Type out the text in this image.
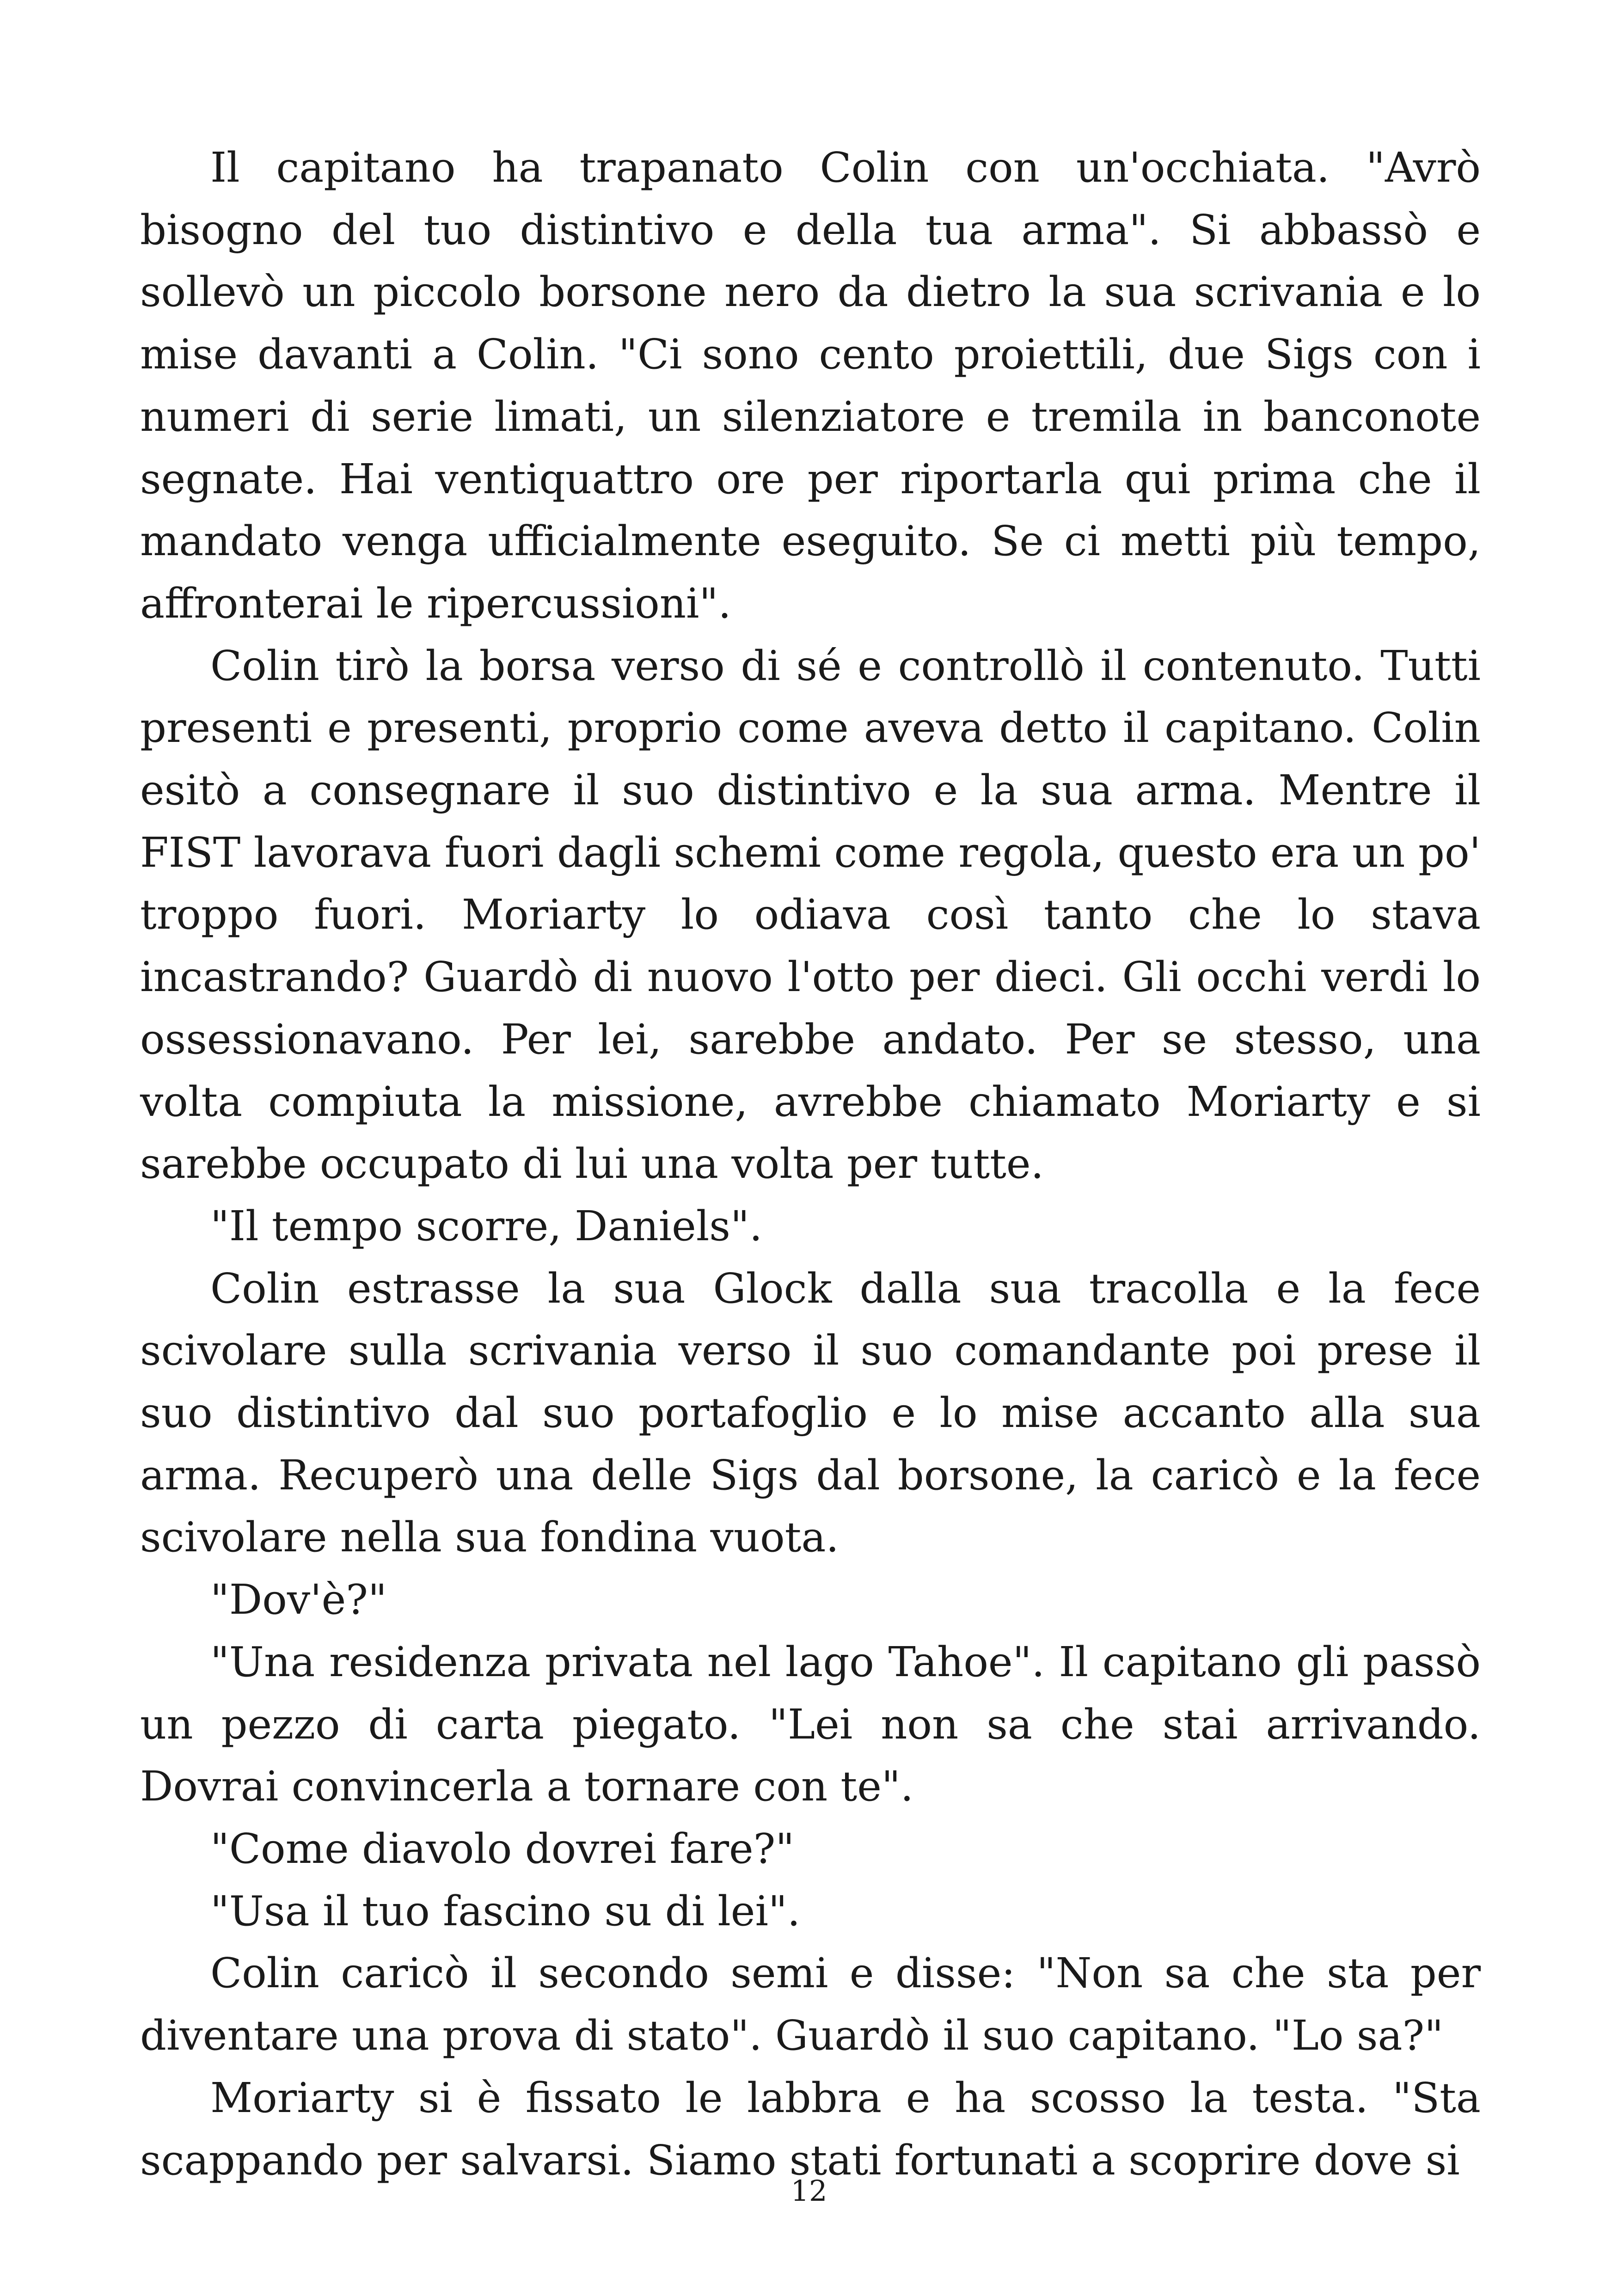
Il capitano ha trapanato Colin con un'occhiata. "Avrò bisogno del tuo distintivo e della tua arma". Si abbassò e sollevò un piccolo borsone nero da dietro la sua scrivania e lo mise davanti a Colin. "Ci sono cento proiettili, due Sigs con i numeri di serie limati, un silenziatore e tremila in banconote segnate. Hai ventiquattro ore per riportarla qui prima che il mandato venga ufficialmente eseguito. Se ci metti più tempo, affronterai le ripercussioni".

Colin tirò la borsa verso di sé e controllò il contenuto. Tutti presenti e presenti, proprio come aveva detto il capitano. Colin esitò a consegnare il suo distintivo e la sua arma. Mentre il FIST lavorava fuori dagli schemi come regola, questo era un po' troppo fuori. Moriarty lo odiava così tanto che lo stava incastrando? Guardò di nuovo l'otto per dieci. Gli occhi verdi lo ossessionavano. Per lei, sarebbe andato. Per se stesso, una volta compiuta la missione, avrebbe chiamato Moriarty e si sarebbe occupato di lui una volta per tutte.

"Il tempo scorre, Daniels".

Colin estrasse la sua Glock dalla sua tracolla e la fece scivolare sulla scrivania verso il suo comandante poi prese il suo distintivo dal suo portafoglio e lo mise accanto alla sua arma. Recuperò una delle Sigs dal borsone, la caricò e la fece scivolare nella sua fondina vuota.

"Dov'è?"

"Una residenza privata nel lago Tahoe". Il capitano gli passò un pezzo di carta piegato. "Lei non sa che stai arrivando. Dovrai convincerla a tornare con te".

"Come diavolo dovrei fare?"

"Usa il tuo fascino su di lei".

Colin caricò il secondo semi e disse: "Non sa che sta per diventare una prova di stato". Guardò il suo capitano. "Lo sa?"

Moriarty si è fissato le labbra e ha scosso la testa. "Sta scappando per salvarsi. Siamo stati fortunati a scoprire dove si

12
